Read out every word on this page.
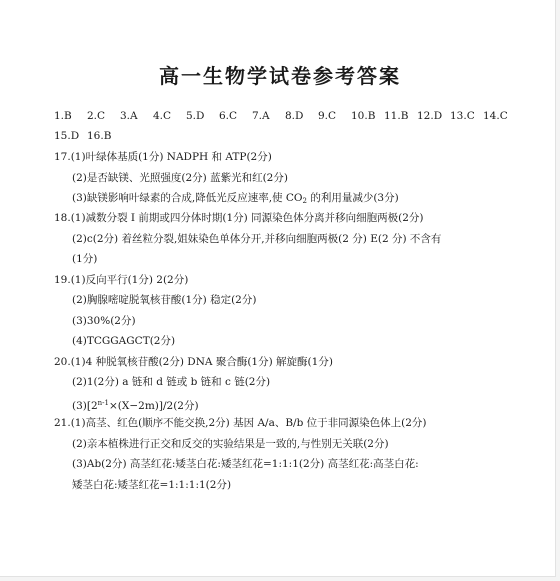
高一生物学试卷参考答案
1.B 2.C 3.A 4.C 5.D 6.C 7.A 8.D 9.C 10.B 11.B 12.D 13.C 14.C
15.D 16.B
17.(1)叶绿体基质(1分) NADPH 和 ATP(2分)
(2)是否缺镁、光照强度(2分) 蓝紫光和红(2分)
(3)缺镁影响叶绿素的合成,降低光反应速率,使 $CO_2$ 的利用量减少(3分)
18.(1)减数分裂 I 前期或四分体时期(1分) 同源染色体分离并移向细胞两极(2分)
(2)c(2分) 着丝粒分裂,姐妹染色单体分开,并移向细胞两极(2 分) E(2 分) 不含有
(1分)
19.(1)反向平行(1分) 2(2分)
(2)胸腺嘧啶脱氧核苷酸(1分) 稳定(2分)
(3)30%(2分)
(4)TCGGAGCT(2分)
20.(1)4 种脱氧核苷酸(2分) DNA 聚合酶(1分) 解旋酶(1分)
(2)1(2分) a 链和 d 链或 b 链和 c 链(2分)
$(3)[2^{n-1}\times(X-2m)]/2(2$分)
21.(1)高茎、红色(顺序不能交换,2分) 基因 A/a、B/b 位于非同源染色体上(2分)
(2)亲本植株进行正交和反交的实验结果是一致的,与性别无关联(2分)
(3)Ab(2分) 高茎红花:矮茎白花:矮茎红花=1:1:1(2分) 高茎红花:高茎白花:
矮茎白花:矮茎红花=1:1:1:1(2分)
